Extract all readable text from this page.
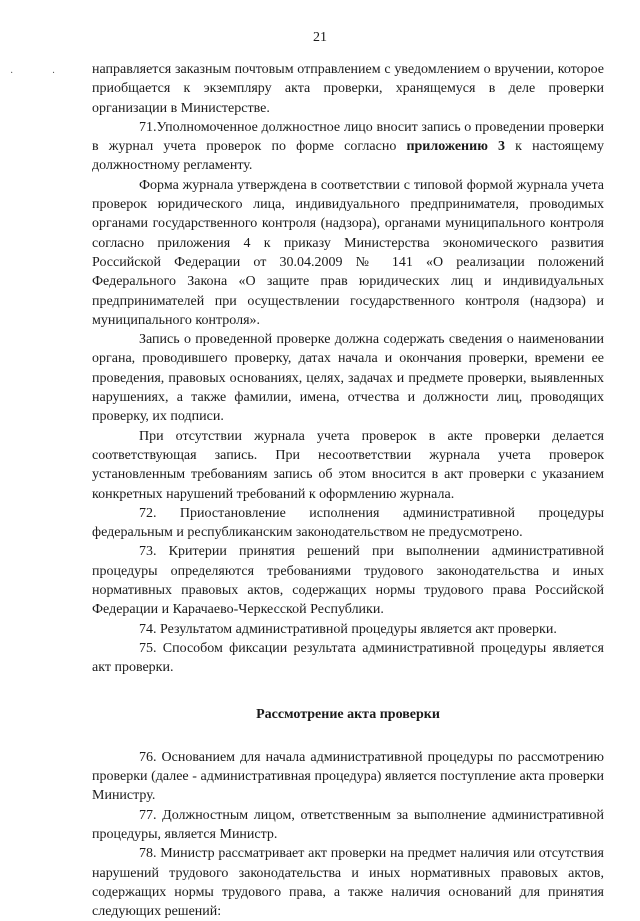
21
· · направляется заказным почтовым отправлением с уведомлением о вручении, которое приобщается к экземпляру акта проверки, хранящемуся в деле проверки организации в Министерстве.

71.Уполномоченное должностное лицо вносит запись о проведении проверки в журнал учета проверок по форме согласно приложению 3 к настоящему должностному регламенту.

Форма журнала утверждена в соответствии с типовой формой журнала учета проверок юридического лица, индивидуального предпринимателя, проводимых органами государственного контроля (надзора), органами муниципального контроля согласно приложения 4 к приказу Министерства экономического развития Российской Федерации от 30.04.2009 № 141 «О реализации положений Федерального Закона «О защите прав юридических лиц и индивидуальных предпринимателей при осуществлении государственного контроля (надзора) и муниципального контроля».

Запись о проведенной проверке должна содержать сведения о наименовании органа, проводившего проверку, датах начала и окончания проверки, времени ее проведения, правовых основаниях, целях, задачах и предмете проверки, выявленных нарушениях, а также фамилии, имена, отчества и должности лиц, проводящих проверку, их подписи.

При отсутствии журнала учета проверок в акте проверки делается соответствующая запись. При несоответствии журнала учета проверок установленным требованиям запись об этом вносится в акт проверки с указанием конкретных нарушений требований к оформлению журнала.

72. Приостановление исполнения административной процедуры федеральным и республиканским законодательством не предусмотрено.

73. Критерии принятия решений при выполнении административной процедуры определяются требованиями трудового законодательства и иных нормативных правовых актов, содержащих нормы трудового права Российской Федерации и Карачаево-Черкесской Республики.

74. Результатом административной процедуры является акт проверки.

75. Способом фиксации результата административной процедуры является акт проверки.

Рассмотрение акта проверки

76. Основанием для начала административной процедуры по рассмотрению проверки (далее - административная процедура) является поступление акта проверки Министру.

77. Должностным лицом, ответственным за выполнение административной процедуры, является Министр.

78. Министр рассматривает акт проверки на предмет наличия или отсутствия нарушений трудового законодательства и иных нормативных правовых актов, содержащих нормы трудового права, а также наличия оснований для принятия следующих решений:
